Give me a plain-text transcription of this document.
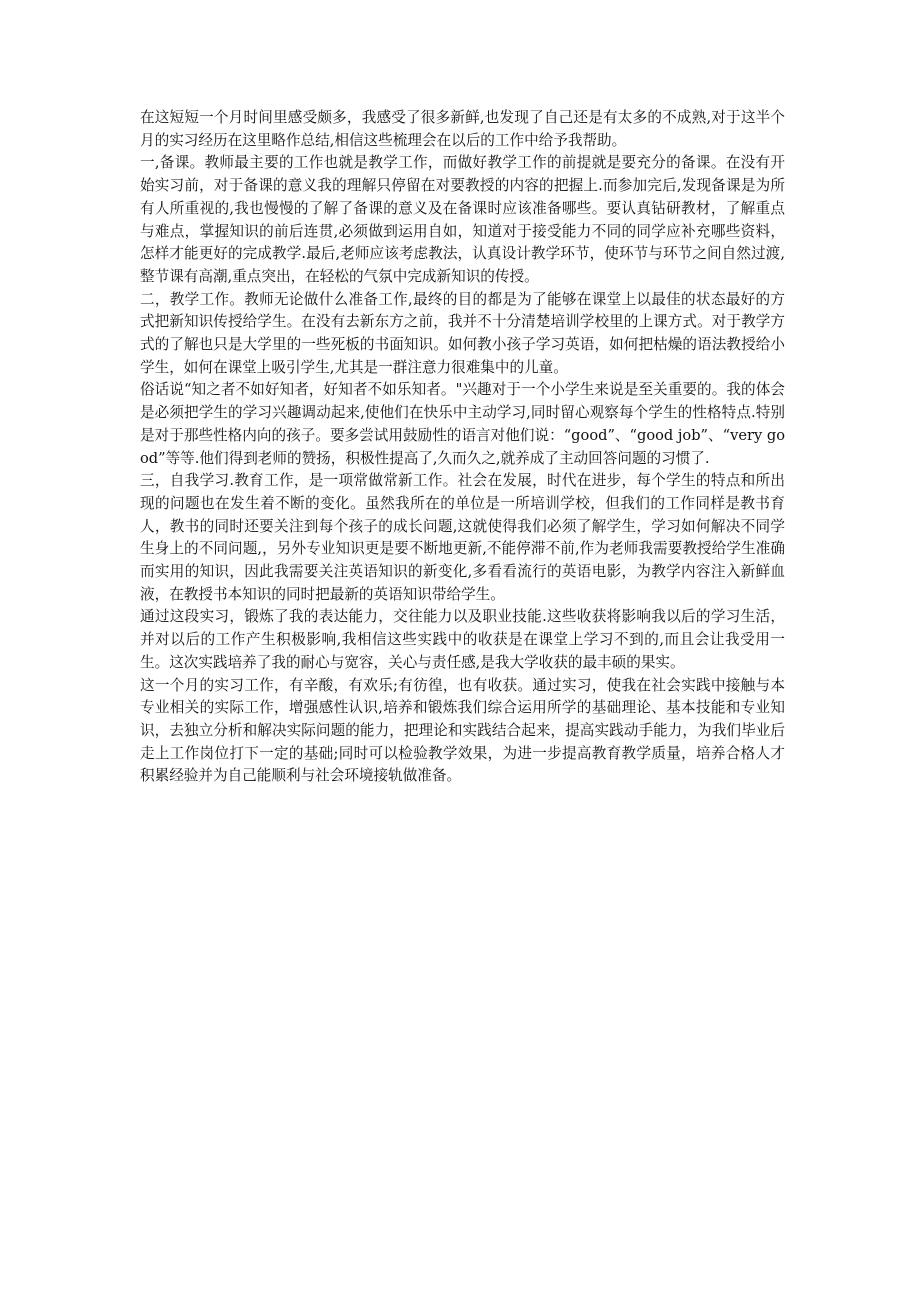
在这短短一个月时间里感受颇多，我感受了很多新鲜,也发现了自己还是有太多的不成熟,对于这半个月的实习经历在这里略作总结,相信这些梳理会在以后的工作中给予我帮助。

一,备课。教师最主要的工作也就是教学工作，而做好教学工作的前提就是要充分的备课。在没有开始实习前，对于备课的意义我的理解只停留在对要教授的内容的把握上.而参加完后,发现备课是为所有人所重视的,我也慢慢的了解了备课的意义及在备课时应该准备哪些。要认真钻研教材，了解重点与难点，掌握知识的前后连贯,必须做到运用自如，知道对于接受能力不同的同学应补充哪些资料，怎样才能更好的完成教学.最后,老师应该考虑教法，认真设计教学环节，使环节与环节之间自然过渡,整节课有高潮,重点突出，在轻松的气氛中完成新知识的传授。

二，教学工作。教师无论做什么准备工作,最终的目的都是为了能够在课堂上以最佳的状态最好的方式把新知识传授给学生。在没有去新东方之前，我并不十分清楚培训学校里的上课方式。对于教学方式的了解也只是大学里的一些死板的书面知识。如何教小孩子学习英语，如何把枯燥的语法教授给小学生，如何在课堂上吸引学生,尤其是一群注意力很难集中的儿童。

俗话说“知之者不如好知者，好知者不如乐知者。"兴趣对于一个小学生来说是至关重要的。我的体会是必须把学生的学习兴趣调动起来,使他们在快乐中主动学习,同时留心观察每个学生的性格特点.特别是对于那些性格内向的孩子。要多尝试用鼓励性的语言对他们说：“good”、“good job”、“very good”等等.他们得到老师的赞扬，积极性提高了,久而久之,就养成了主动回答问题的习惯了.

三，自我学习.教育工作，是一项常做常新工作。社会在发展，时代在进步，每个学生的特点和所出现的问题也在发生着不断的变化。虽然我所在的单位是一所培训学校，但我们的工作同样是教书育人，教书的同时还要关注到每个孩子的成长问题,这就使得我们必须了解学生，学习如何解决不同学生身上的不同问题,，另外专业知识更是要不断地更新,不能停滞不前,作为老师我需要教授给学生准确而实用的知识，因此我需要关注英语知识的新变化,多看看流行的英语电影，为教学内容注入新鲜血液，在教授书本知识的同时把最新的英语知识带给学生。

通过这段实习，锻炼了我的表达能力，交往能力以及职业技能.这些收获将影响我以后的学习生活，并对以后的工作产生积极影响,我相信这些实践中的收获是在课堂上学习不到的,而且会让我受用一生。这次实践培养了我的耐心与宽容，关心与责任感,是我大学收获的最丰硕的果实。

这一个月的实习工作，有辛酸，有欢乐;有彷徨，也有收获。通过实习，使我在社会实践中接触与本专业相关的实际工作，增强感性认识,培养和锻炼我们综合运用所学的基础理论、基本技能和专业知识，去独立分析和解决实际问题的能力，把理论和实践结合起来，提高实践动手能力，为我们毕业后走上工作岗位打下一定的基础;同时可以检验教学效果，为进一步提高教育教学质量，培养合格人才积累经验并为自己能顺利与社会环境接轨做准备。
